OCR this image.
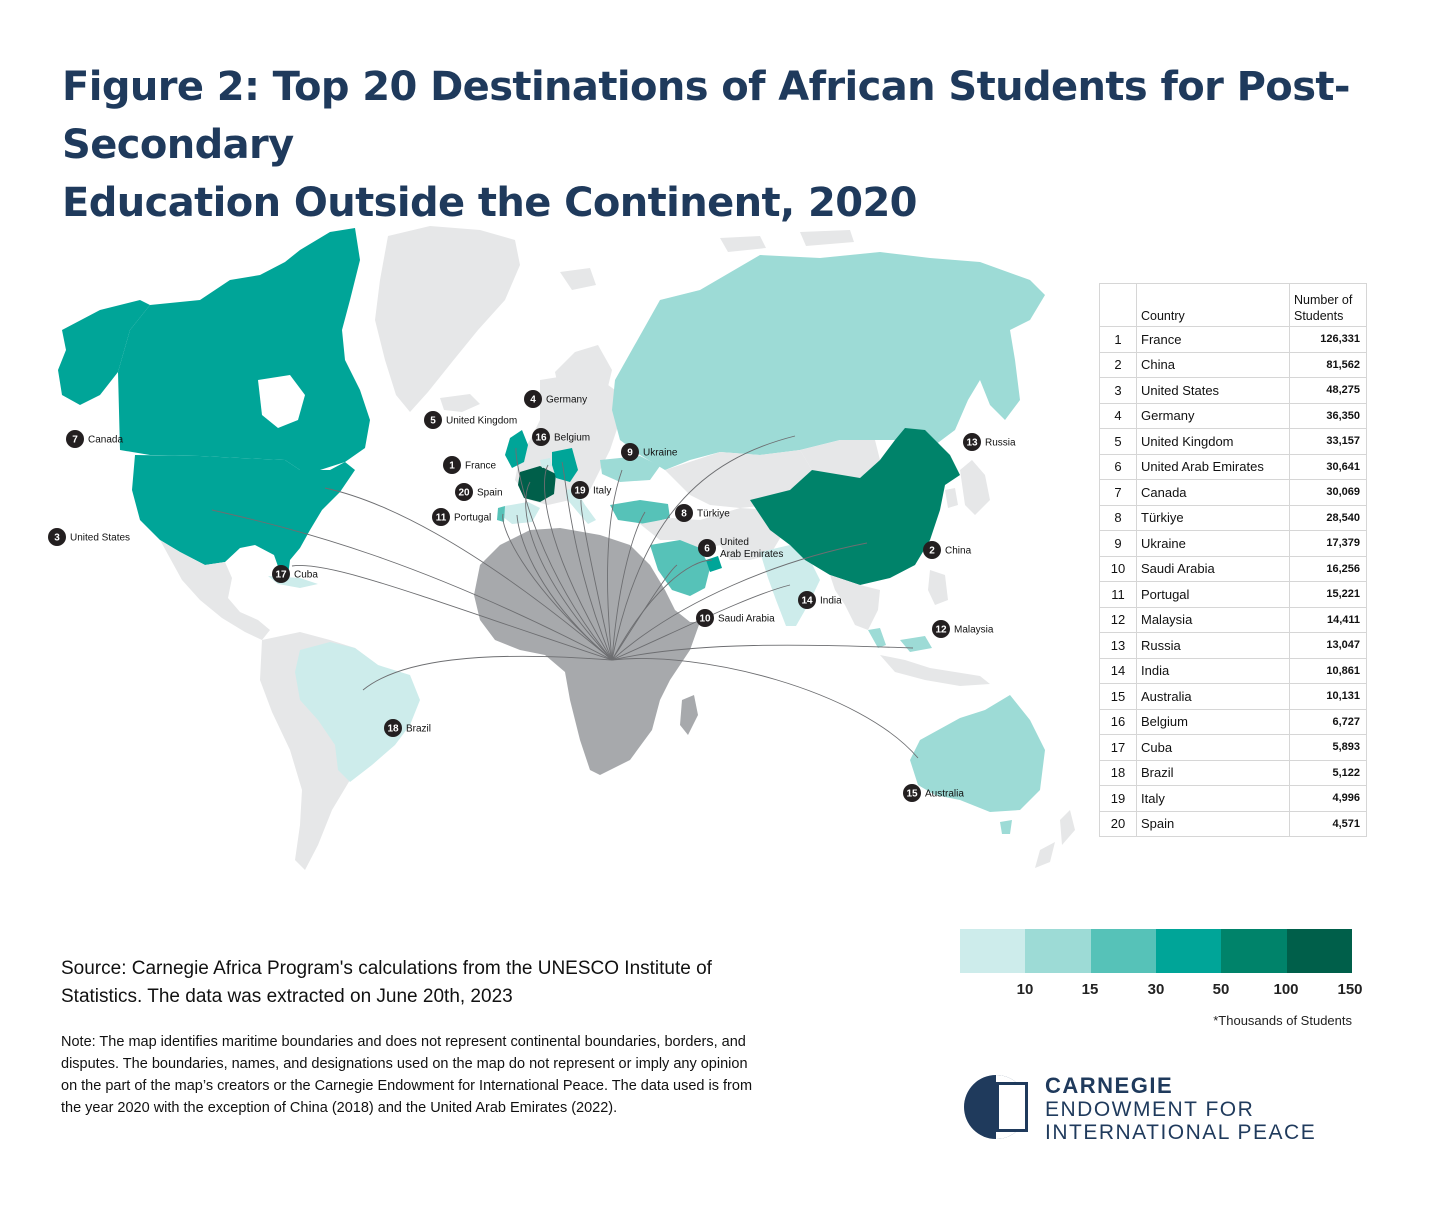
Figure 2: Top 20 Destinations of African Students for Post-Secondary
Education Outside the Continent, 2020
1 France
2 China
3 United States
4 Germany
5 United Kingdom
6
United
Arab Emirates
7 Canada
8 Türkiye
9 Ukraine
10 Saudi Arabia
11 Portugal
12 Malaysia
13 Russia
14 India
15 Australia
16 Belgium
17 Cuba
18 Brazil
19 Italy
20 Spain
	Country	Number of Students
1	France	126,331
2	China	81,562
3	United States	48,275
4	Germany	36,350
5	United Kingdom	33,157
6	United Arab Emirates	30,641
7	Canada	30,069
8	Türkiye	28,540
9	Ukraine	17,379
10	Saudi Arabia	16,256
11	Portugal	15,221
12	Malaysia	14,411
13	Russia	13,047
14	India	10,861
15	Australia	10,131
16	Belgium	6,727
17	Cuba	5,893
18	Brazil	5,122
19	Italy	4,996
20	Spain	4,571
10	15	30	50	100	150
*Thousands of Students

Source: Carnegie Africa Program's calculations from the UNESCO Institute of Statistics. The data was extracted on June 20th, 2023

Note: The map identifies maritime boundaries and does not represent continental boundaries, borders, and disputes. The boundaries, names, and designations used on the map do not represent or imply any opinion on the part of the map’s creators or the Carnegie Endowment for International Peace. The data used is from the year 2020 with the exception of China (2018) and the United Arab Emirates (2022).

CARNEGIE
ENDOWMENT FOR
INTERNATIONAL PEACE
